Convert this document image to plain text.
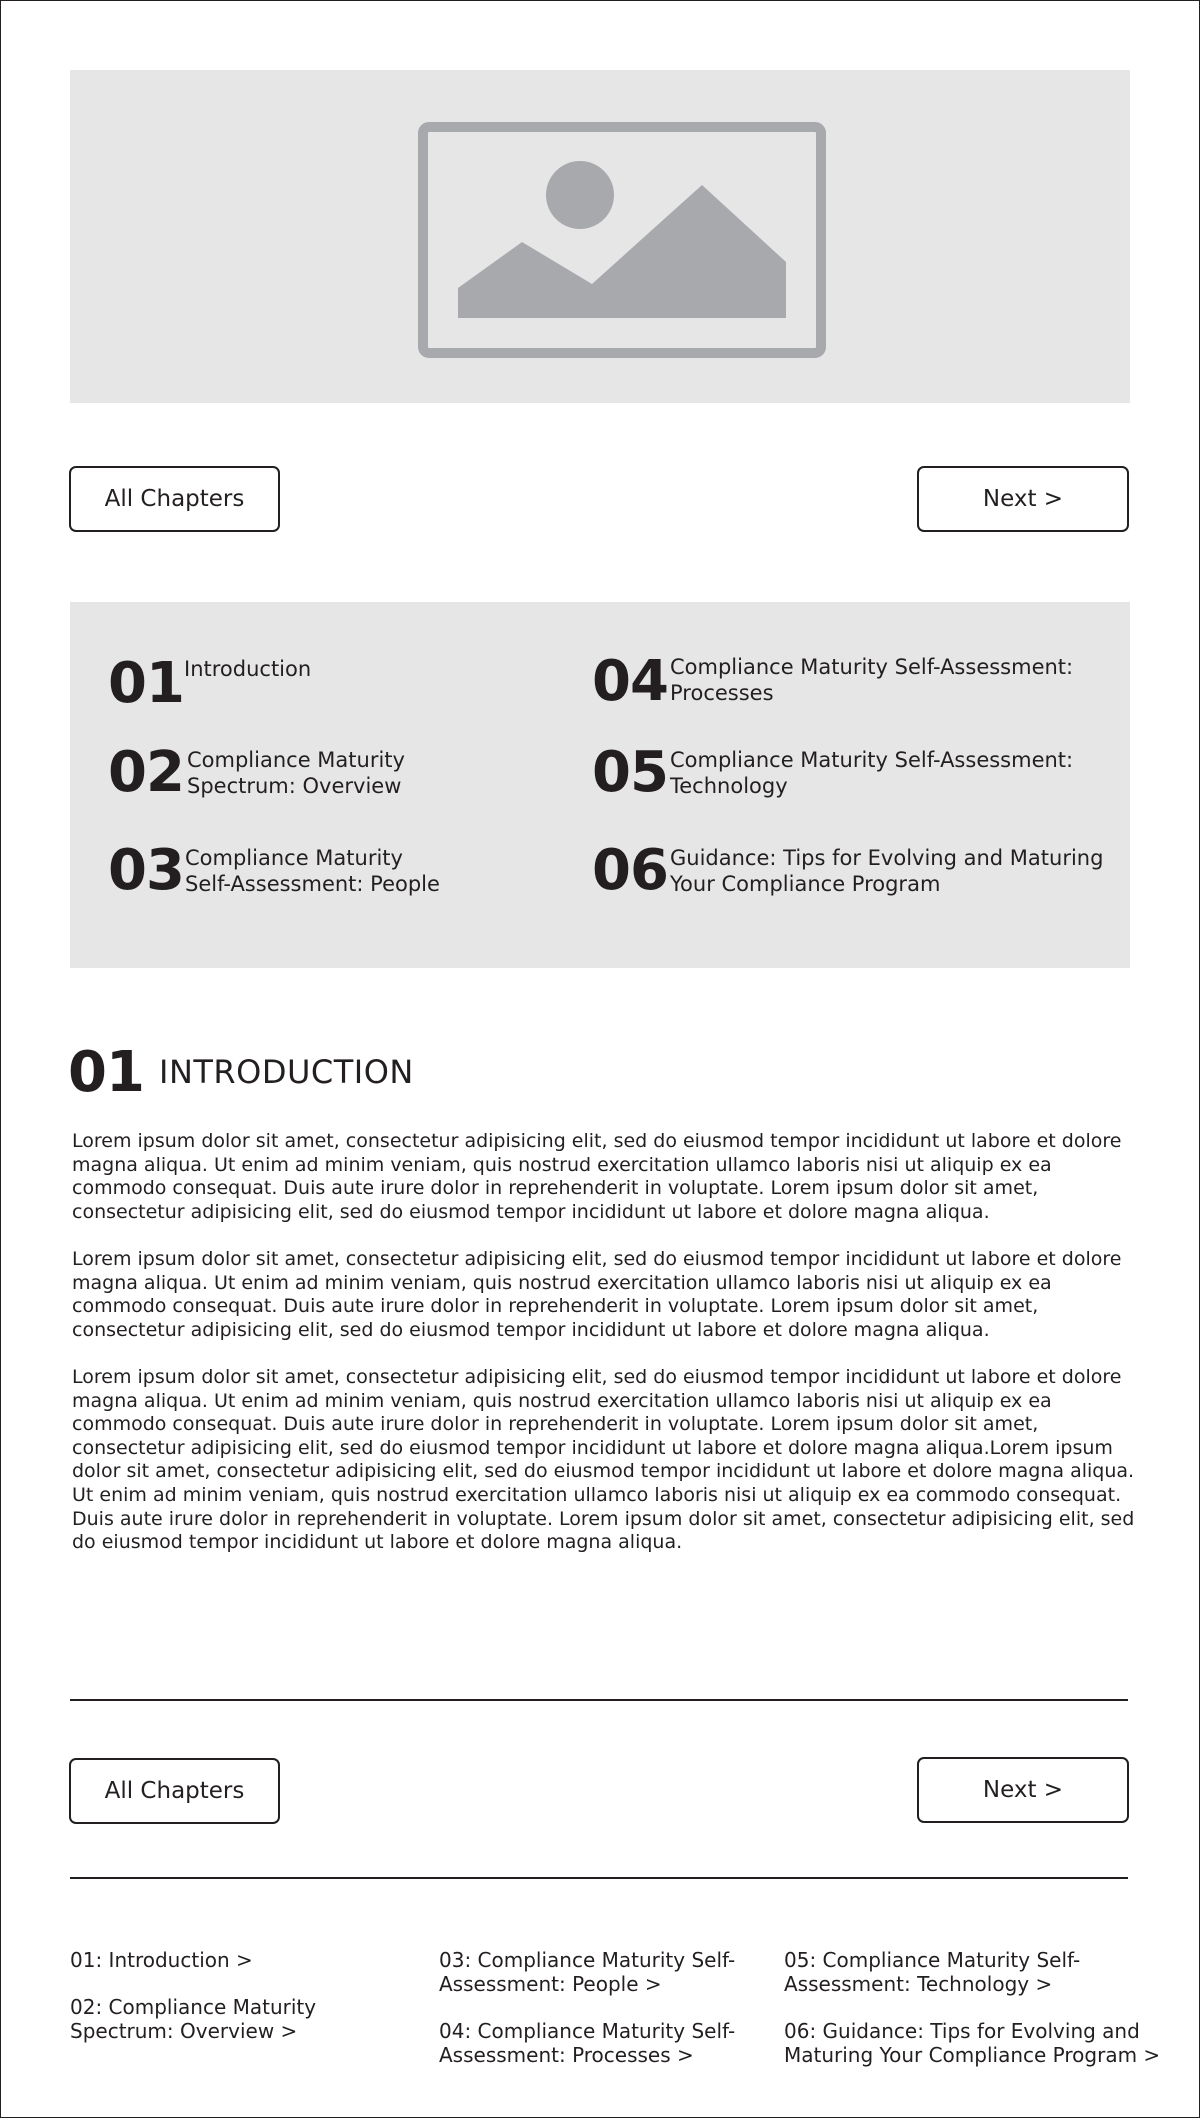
All Chapters	Next >
01 Introduction
02 Compliance Maturity Spectrum: Overview
03 Compliance Maturity Self-Assessment: People
04 Compliance Maturity Self-Assessment: Processes
05 Compliance Maturity Self-Assessment: Technology
06 Guidance: Tips for Evolving and Maturing Your Compliance Program
01 INTRODUCTION

Lorem ipsum dolor sit amet, consectetur adipisicing elit, sed do eiusmod tempor incididunt ut labore et dolore magna aliqua. Ut enim ad minim veniam, quis nostrud exercitation ullamco laboris nisi ut aliquip ex ea commodo consequat. Duis aute irure dolor in reprehenderit in voluptate. Lorem ipsum dolor sit amet, consectetur adipisicing elit, sed do eiusmod tempor incididunt ut labore et dolore magna aliqua.

Lorem ipsum dolor sit amet, consectetur adipisicing elit, sed do eiusmod tempor incididunt ut labore et dolore magna aliqua. Ut enim ad minim veniam, quis nostrud exercitation ullamco laboris nisi ut aliquip ex ea commodo consequat. Duis aute irure dolor in reprehenderit in voluptate. Lorem ipsum dolor sit amet, consectetur adipisicing elit, sed do eiusmod tempor incididunt ut labore et dolore magna aliqua.

Lorem ipsum dolor sit amet, consectetur adipisicing elit, sed do eiusmod tempor incididunt ut labore et dolore magna aliqua. Ut enim ad minim veniam, quis nostrud exercitation ullamco laboris nisi ut aliquip ex ea commodo consequat. Duis aute irure dolor in reprehenderit in voluptate. Lorem ipsum dolor sit amet, consectetur adipisicing elit, sed do eiusmod tempor incididunt ut labore et dolore magna aliqua.Lorem ipsum dolor sit amet, consectetur adipisicing elit, sed do eiusmod tempor incididunt ut labore et dolore magna aliqua. Ut enim ad minim veniam, quis nostrud exercitation ullamco laboris nisi ut aliquip ex ea commodo consequat. Duis aute irure dolor in reprehenderit in voluptate. Lorem ipsum dolor sit amet, consectetur adipisicing elit, sed do eiusmod tempor incididunt ut labore et dolore magna aliqua.

All Chapters	Next >
01: Introduction >
02: Compliance Maturity Spectrum: Overview >
03: Compliance Maturity Self-Assessment: People >
04: Compliance Maturity Self-Assessment: Processes >
05: Compliance Maturity Self-Assessment: Technology >
06: Guidance: Tips for Evolving and Maturing Your Compliance Program >
